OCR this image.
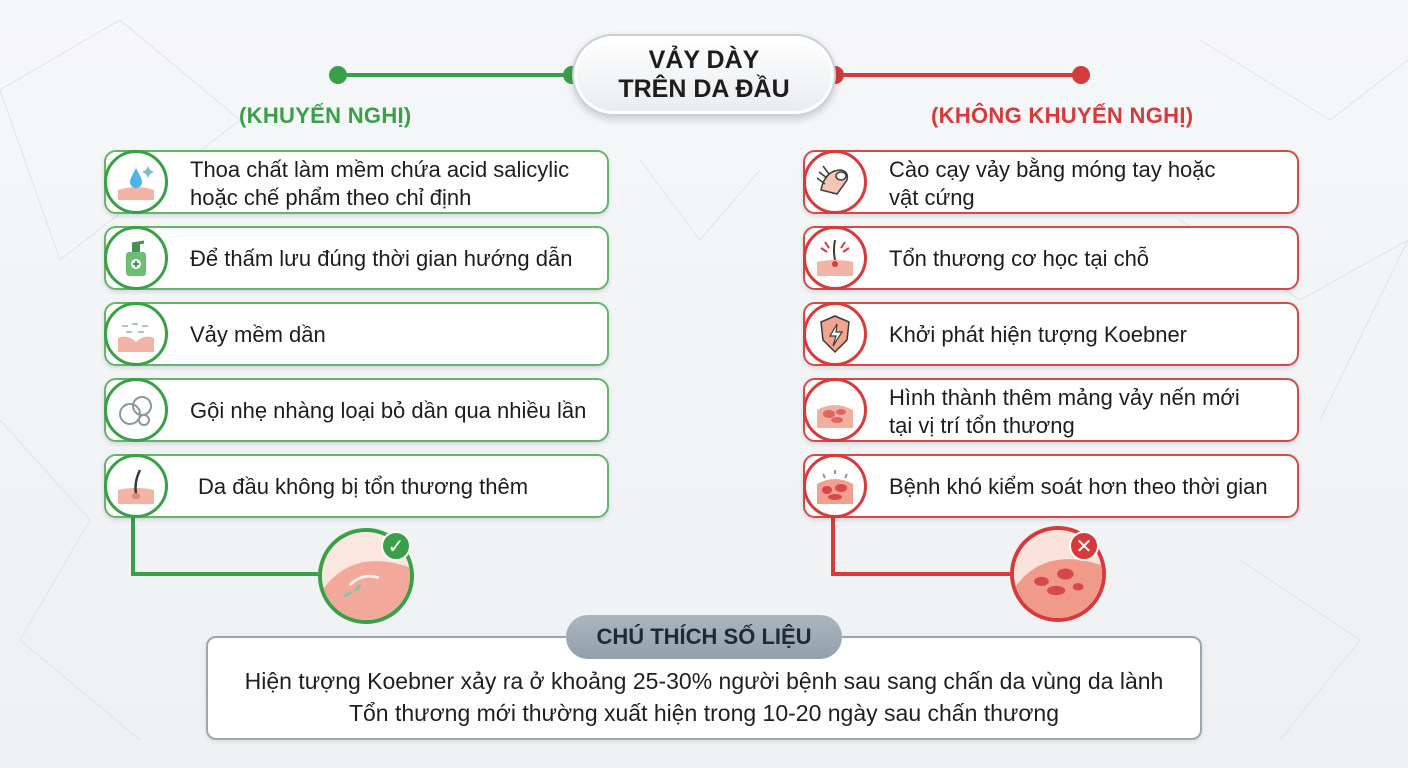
VẢY DÀY
TRÊN DA ĐẦU
(KHUYẾN NGHỊ)	(KHÔNG KHUYẾN NGHỊ)
Thoa chất làm mềm chứa acid salicylic
hoặc chế phẩm theo chỉ định
Để thấm lưu đúng thời gian hướng dẫn
Vảy mềm dần
Gội nhẹ nhàng loại bỏ dần qua nhiều lần
Da đầu không bị tổn thương thêm
Cào cạy vảy bằng móng tay hoặc
vật cứng
Tổn thương cơ học tại chỗ
Khởi phát hiện tượng Koebner
Hình thành thêm mảng vảy nến mới
tại vị trí tổn thương
Bệnh khó kiểm soát hơn theo thời gian
✓	✕
Hiện tượng Koebner xảy ra ở khoảng 25-30% người bệnh sau sang chấn da vùng da lành
Tổn thương mới thường xuất hiện trong 10-20 ngày sau chấn thương
CHÚ THÍCH SỐ LIỆU
